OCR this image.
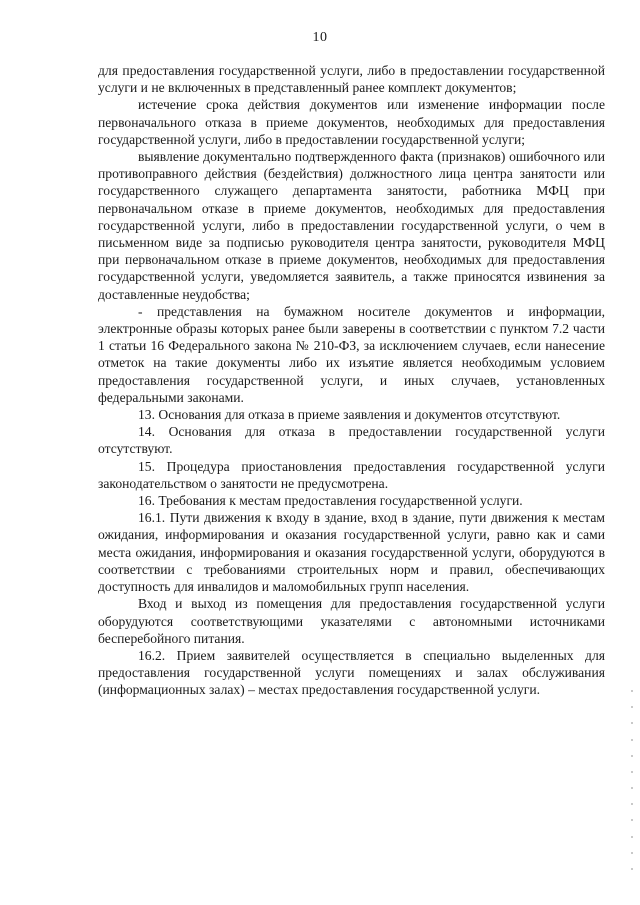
10

для предоставления государственной услуги, либо в предоставлении государственной услуги и не включенных в представленный ранее комплект документов;

истечение срока действия документов или изменение информации после первоначального отказа в приеме документов, необходимых для предоставления государственной услуги, либо в предоставлении государственной услуги;

выявление документально подтвержденного факта (признаков) ошибочного или противоправного действия (бездействия) должностного лица центра занятости или государственного служащего департамента занятости, работника МФЦ при первоначальном отказе в приеме документов, необходимых для предоставления государственной услуги, либо в предоставлении государственной услуги, о чем в письменном виде за подписью руководителя центра занятости, руководителя МФЦ при первоначальном отказе в приеме документов, необходимых для предоставления государственной услуги, уведомляется заявитель, а также приносятся извинения за доставленные неудобства;

- представления на бумажном носителе документов и информации, электронные образы которых ранее были заверены в соответствии с пунктом 7.2 части 1 статьи 16 Федерального закона № 210-ФЗ, за исключением случаев, если нанесение отметок на такие документы либо их изъятие является необходимым условием предоставления государственной услуги, и иных случаев, установленных федеральными законами.

13. Основания для отказа в приеме заявления и документов отсутствуют.

14. Основания для отказа в предоставлении государственной услуги отсутствуют.

15. Процедура приостановления предоставления государственной услуги законодательством о занятости не предусмотрена.

16. Требования к местам предоставления государственной услуги.

16.1. Пути движения к входу в здание, вход в здание, пути движения к местам ожидания, информирования и оказания государственной услуги, равно как и сами места ожидания, информирования и оказания государственной услуги, оборудуются в соответствии с требованиями строительных норм и правил, обеспечивающих доступность для инвалидов и маломобильных групп населения.

Вход и выход из помещения для предоставления государственной услуги оборудуются соответствующими указателями с автономными источниками бесперебойного питания.

16.2. Прием заявителей осуществляется в специально выделенных для предоставления государственной услуги помещениях и залах обслуживания (информационных залах) – местах предоставления государственной услуги.
